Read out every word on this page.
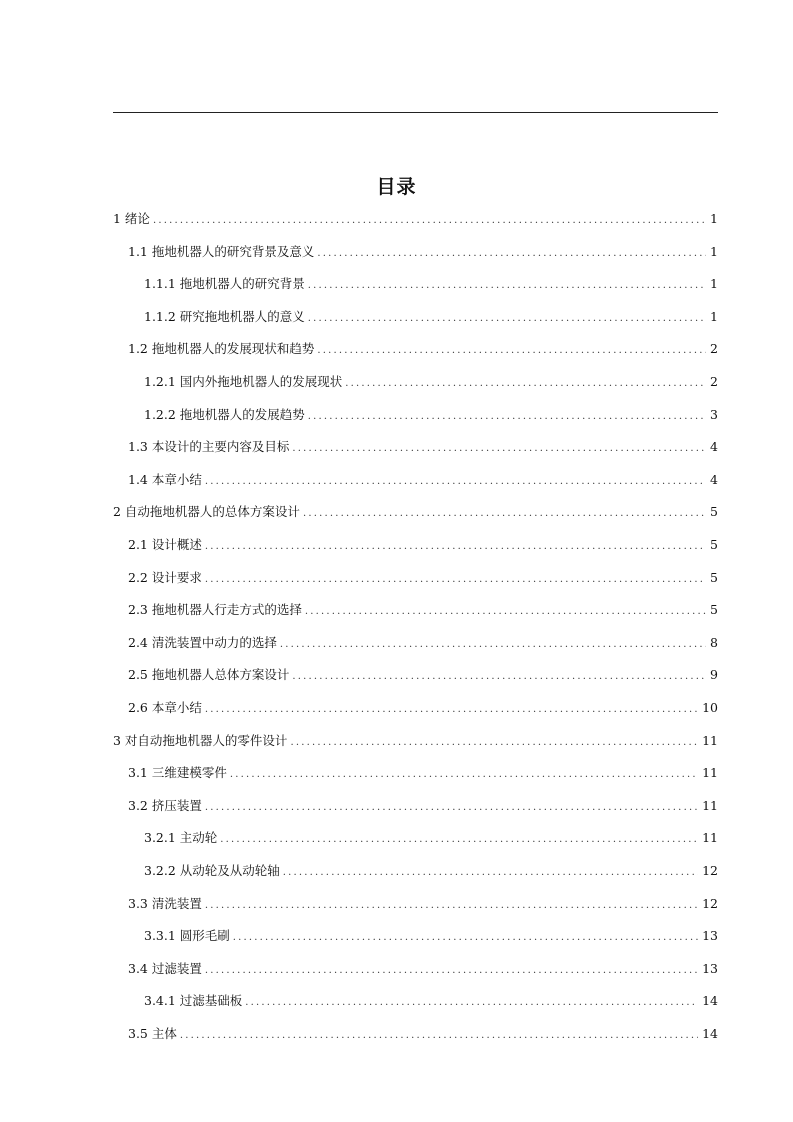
目录
1 绪论 .....	1
1.1 拖地机器人的研究背景及意义 .....	1
1.1.1 拖地机器人的研究背景 .....	1
1.1.2 研究拖地机器人的意义 .....	1
1.2 拖地机器人的发展现状和趋势 .....	2
1.2.1 国内外拖地机器人的发展现状 .....	2
1.2.2 拖地机器人的发展趋势 .....	3
1.3 本设计的主要内容及目标 .....	4
1.4 本章小结 .....	4
2 自动拖地机器人的总体方案设计 .....	5
2.1 设计概述 .....	5
2.2 设计要求 .....	5
2.3 拖地机器人行走方式的选择 .....	5
2.4 清洗装置中动力的选择 .....	8
2.5 拖地机器人总体方案设计 .....	9
2.6 本章小结 .....	10
3 对自动拖地机器人的零件设计 .....	11
3.1 三维建模零件 .....	11
3.2 挤压装置 .....	11
3.2.1 主动轮 .....	11
3.2.2 从动轮及从动轮轴 .....	12
3.3 清洗装置 .....	12
3.3.1 圆形毛刷 .....	13
3.4 过滤装置 .....	13
3.4.1 过滤基础板 .....	14
3.5 主体 .....	14
